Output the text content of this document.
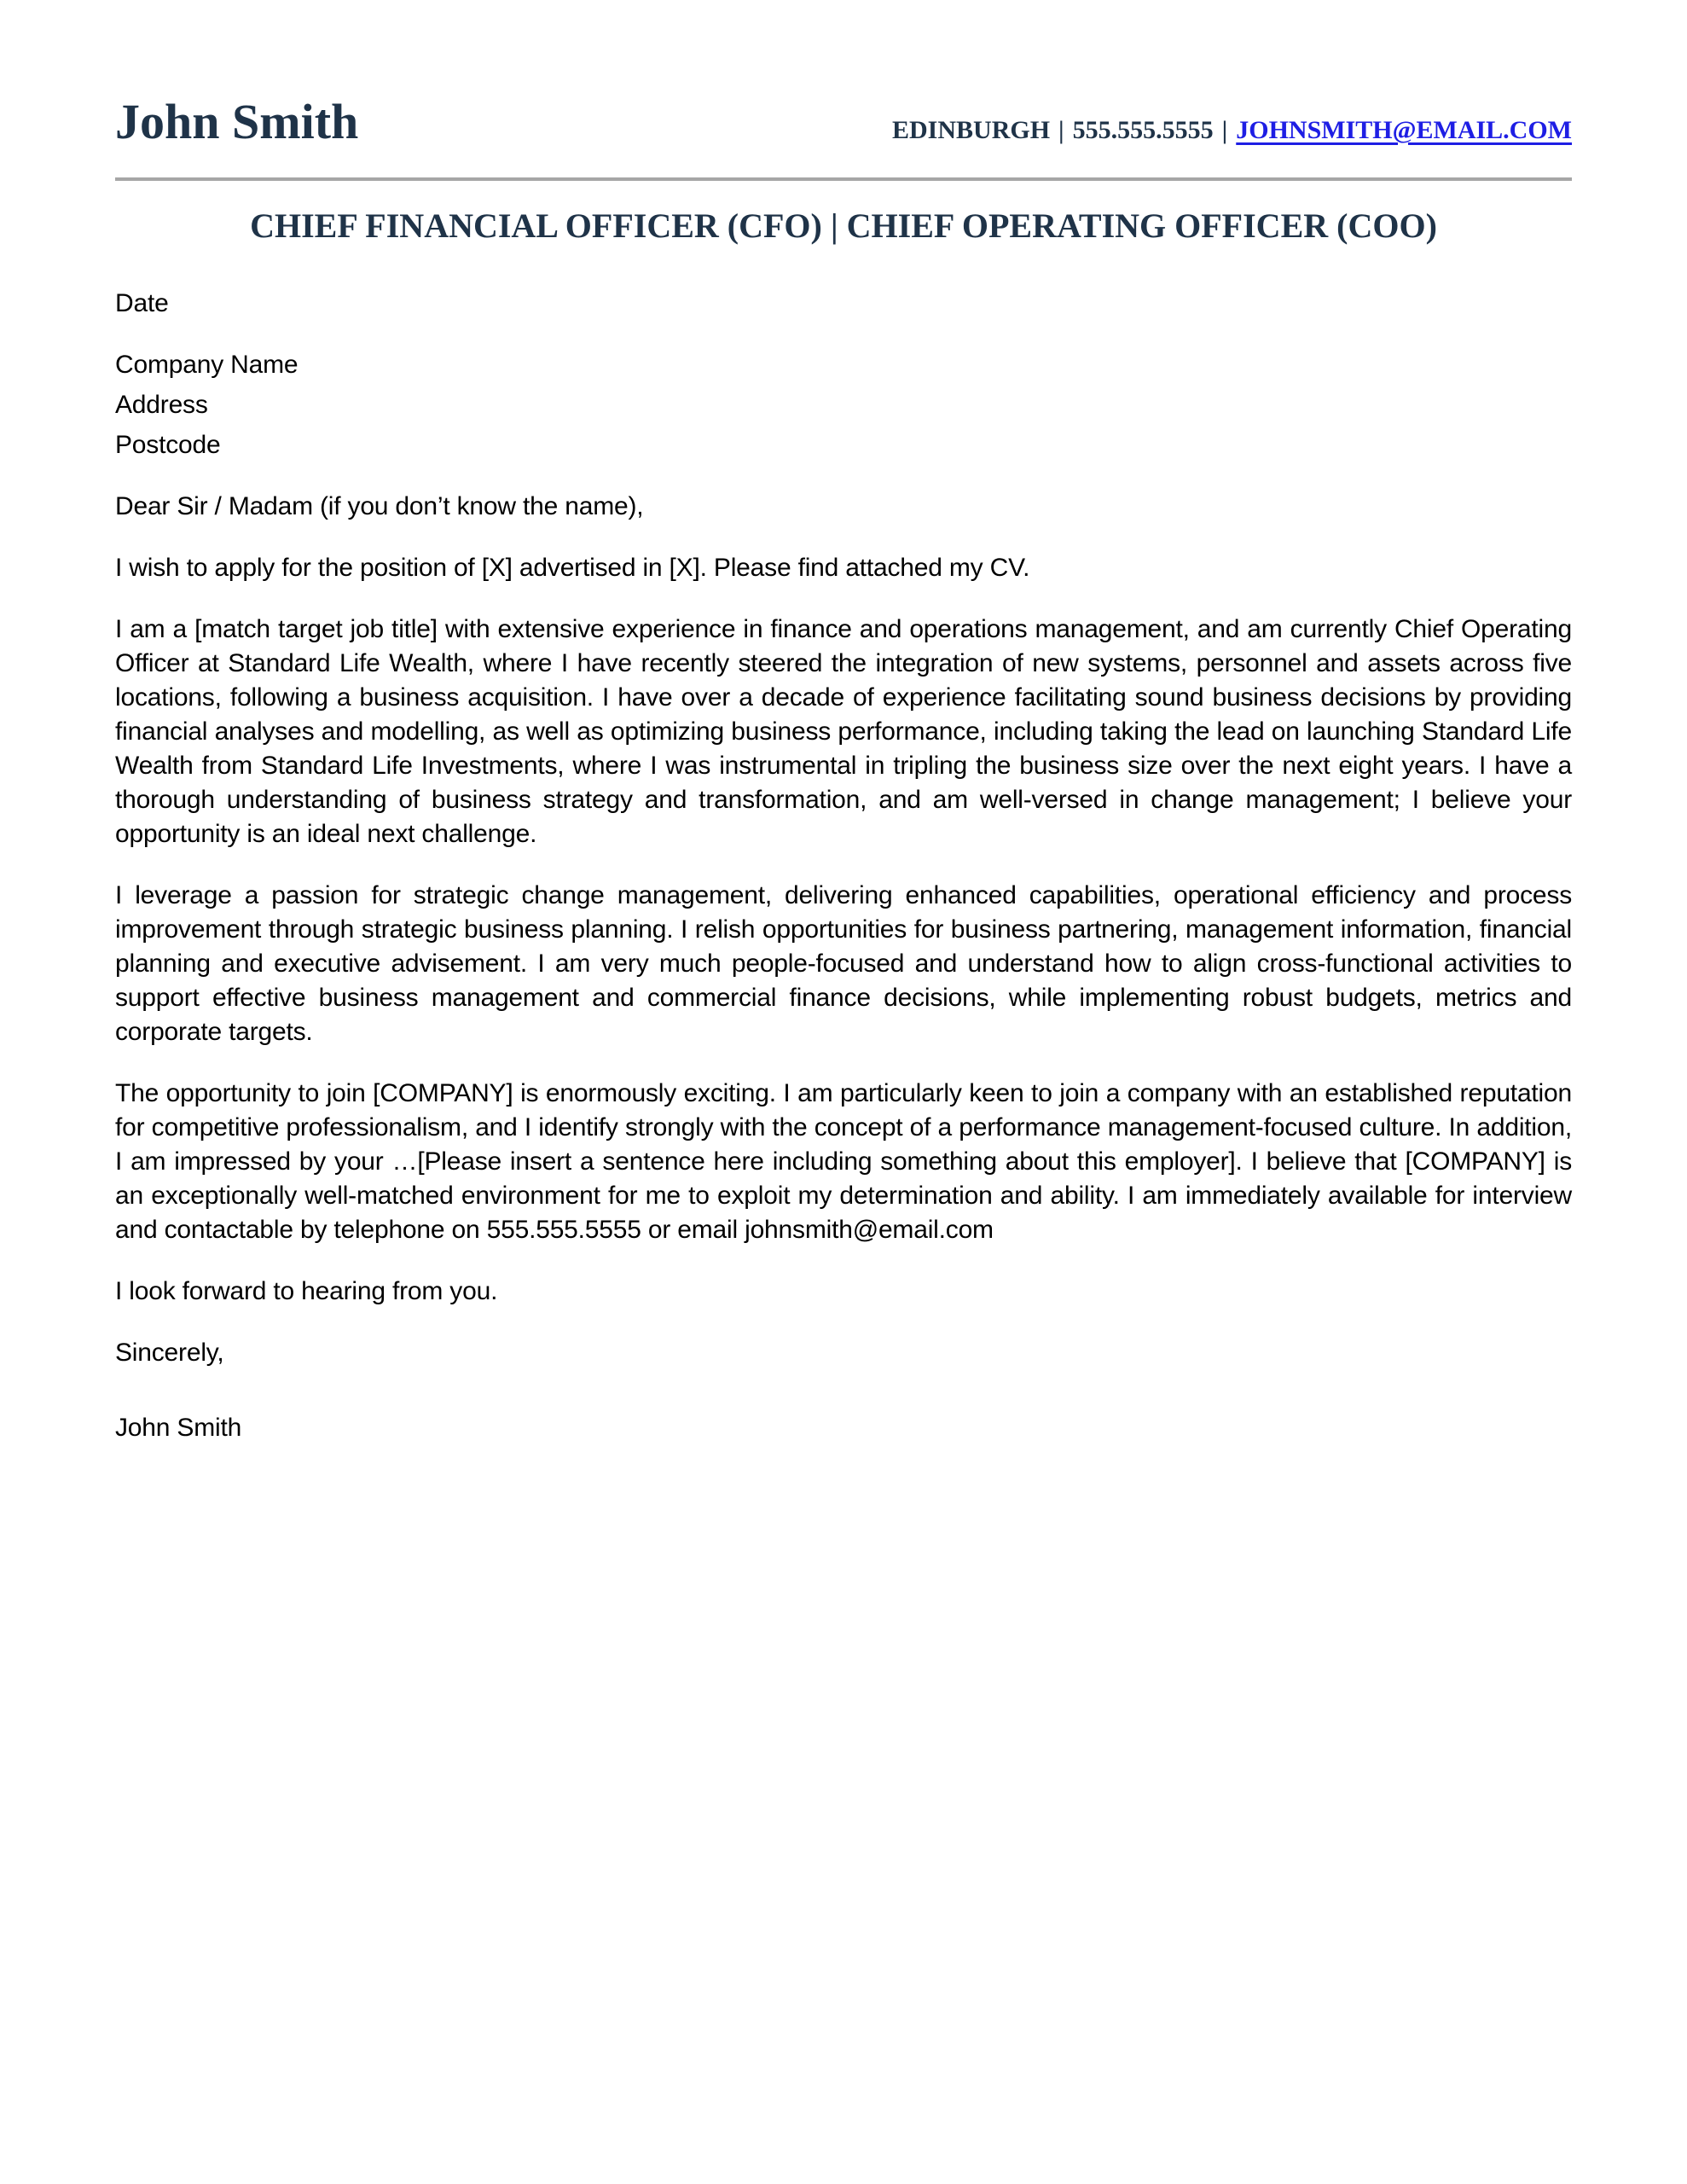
John Smith	EDINBURGH | 555.555.5555 | JOHNSMITH@EMAIL.COM
CHIEF FINANCIAL OFFICER (CFO) | CHIEF OPERATING OFFICER (COO)

Date

Company Name

Address

Postcode

Dear Sir / Madam (if you don’t know the name),

I wish to apply for the position of [X] advertised in [X]. Please find attached my CV.

I am a [match target job title] with extensive experience in finance and operations management, and am currently Chief Operating Officer at Standard Life Wealth, where I have recently steered the integration of new systems, personnel and assets across five locations, following a business acquisition. I have over a decade of experience facilitating sound business decisions by providing financial analyses and modelling, as well as optimizing business performance, including taking the lead on launching Standard Life Wealth from Standard Life Investments, where I was instrumental in tripling the business size over the next eight years. I have a thorough understanding of business strategy and transformation, and am well-versed in change management; I believe your opportunity is an ideal next challenge.

I leverage a passion for strategic change management, delivering enhanced capabilities, operational efficiency and process improvement through strategic business planning. I relish opportunities for business partnering, management information, financial planning and executive advisement. I am very much people-focused and understand how to align cross-functional activities to support effective business management and commercial finance decisions, while implementing robust budgets, metrics and corporate targets.

The opportunity to join [COMPANY] is enormously exciting. I am particularly keen to join a company with an established reputation for competitive professionalism, and I identify strongly with the concept of a performance management-focused culture. In addition, I am impressed by your …[Please insert a sentence here including something about this employer]. I believe that [COMPANY] is an exceptionally well-matched environment for me to exploit my determination and ability. I am immediately available for interview and contactable by telephone on 555.555.5555 or email johnsmith@email.com

I look forward to hearing from you.

Sincerely,

John Smith
